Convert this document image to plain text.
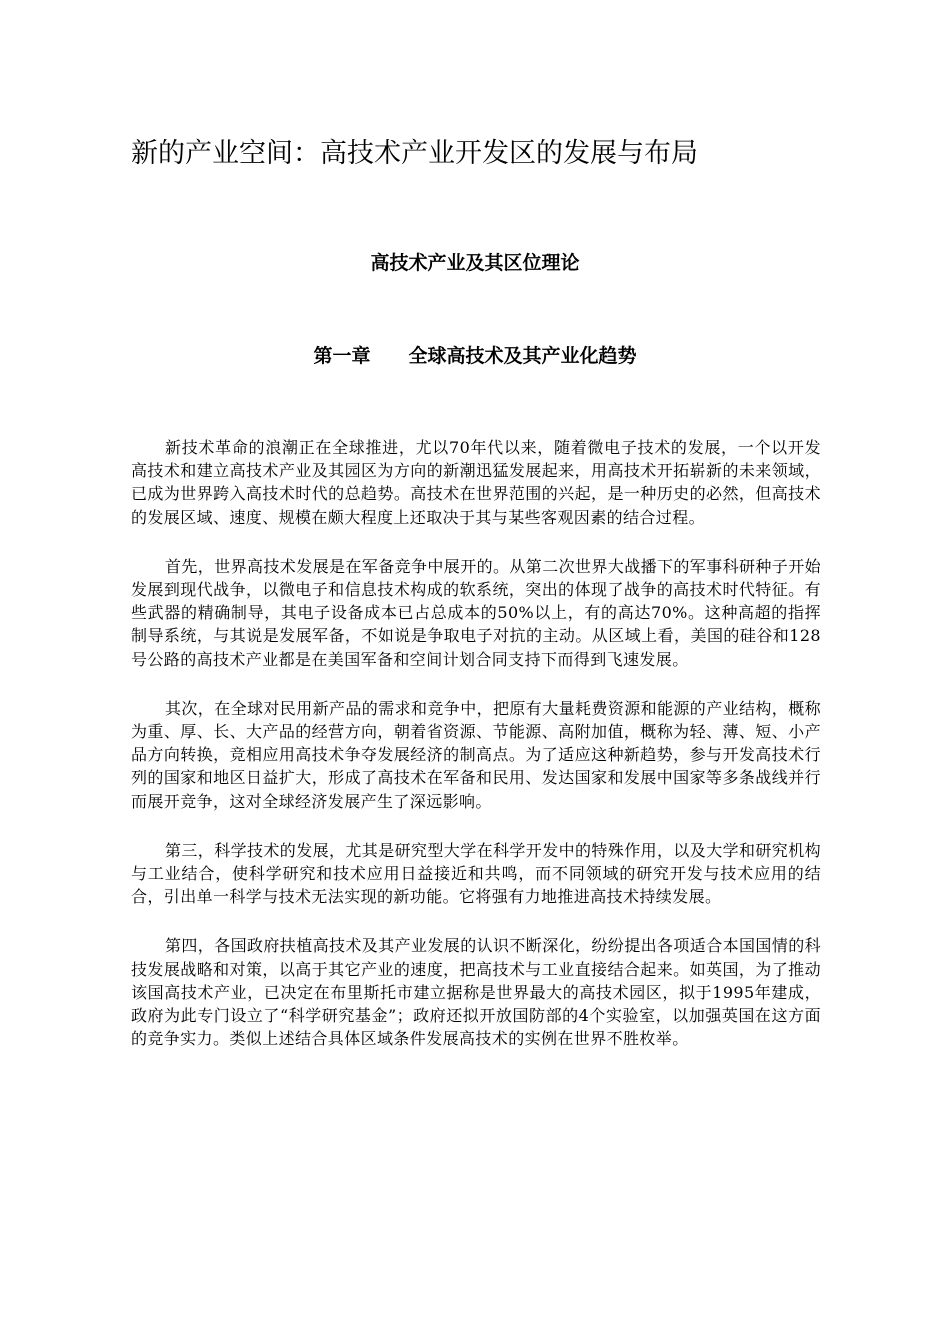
新的产业空间：高技术产业开发区的发展与布局
高技术产业及其区位理论
第一章　　全球高技术及其产业化趋势

新技术革命的浪潮正在全球推进，尤以70年代以来，随着微电子技术的发展，一个以开发高技术和建立高技术产业及其园区为方向的新潮迅猛发展起来，用高技术开拓崭新的未来领域，已成为世界跨入高技术时代的总趋势。高技术在世界范围的兴起，是一种历史的必然，但高技术的发展区域、速度、规模在颇大程度上还取决于其与某些客观因素的结合过程。

首先，世界高技术发展是在军备竞争中展开的。从第二次世界大战播下的军事科研种子开始发展到现代战争，以微电子和信息技术构成的软系统，突出的体现了战争的高技术时代特征。有些武器的精确制导，其电子设备成本已占总成本的50%以上，有的高达70%。这种高超的指挥制导系统，与其说是发展军备，不如说是争取电子对抗的主动。从区域上看，美国的硅谷和128号公路的高技术产业都是在美国军备和空间计划合同支持下而得到飞速发展。

其次，在全球对民用新产品的需求和竞争中，把原有大量耗费资源和能源的产业结构，概称为重、厚、长、大产品的经营方向，朝着省资源、节能源、高附加值，概称为轻、薄、短、小产品方向转换，竞相应用高技术争夺发展经济的制高点。为了适应这种新趋势，参与开发高技术行列的国家和地区日益扩大，形成了高技术在军备和民用、发达国家和发展中国家等多条战线并行而展开竞争，这对全球经济发展产生了深远影响。

第三，科学技术的发展，尤其是研究型大学在科学开发中的特殊作用，以及大学和研究机构与工业结合，使科学研究和技术应用日益接近和共鸣，而不同领域的研究开发与技术应用的结合，引出单一科学与技术无法实现的新功能。它将强有力地推进高技术持续发展。

第四，各国政府扶植高技术及其产业发展的认识不断深化，纷纷提出各项适合本国国情的科技发展战略和对策，以高于其它产业的速度，把高技术与工业直接结合起来。如英国，为了推动该国高技术产业，已决定在布里斯托市建立据称是世界最大的高技术园区，拟于1995年建成，政府为此专门设立了“科学研究基金”；政府还拟开放国防部的4个实验室，以加强英国在这方面的竞争实力。类似上述结合具体区域条件发展高技术的实例在世界不胜枚举。
